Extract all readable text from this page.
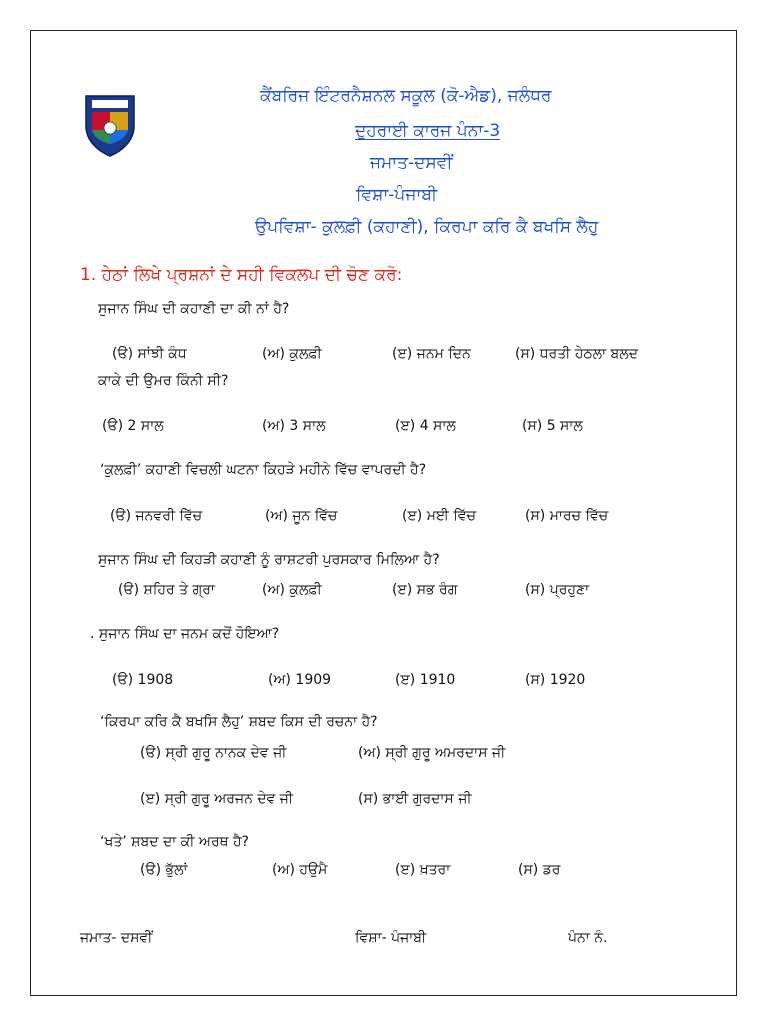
ਕੈਂਬਰਿਜ ਇੰਟਰਨੈਸ਼ਨਲ ਸਕੂਲ (ਕੋ-ਐਡ), ਜਲੰਧਰ
ਦੁਹਰਾਈ ਕਾਰਜ ਪੰਨਾ-3
ਜਮਾਤ-ਦਸਵੀਂ
ਵਿਸ਼ਾ-ਪੰਜਾਬੀ
ਉਪਵਿਸ਼ਾ- ਕੁਲਫ਼ੀ (ਕਹਾਣੀ), ਕਿਰਪਾ ਕਰਿ ਕੈ ਬਖਸਿ ਲੈਹੁ
1. ਹੇਠਾਂ ਲਿਖੇ ਪ੍ਰਸ਼ਨਾਂ ਦੇ ਸਹੀ ਵਿਕਲਪ ਦੀ ਚੋਣ ਕਰੋ:
ਸੁਜਾਨ ਸਿੰਘ ਦੀ ਕਹਾਣੀ ਦਾ ਕੀ ਨਾਂ ਹੈ?
(ੳ) ਸਾਂਝੀ ਕੰਧ	(ਅ) ਕੁਲਫ਼ੀ	(ੲ) ਜਨਮ ਦਿਨ	(ਸ) ਧਰਤੀ ਹੇਠਲਾ ਬਲਦ
ਕਾਕੇ ਦੀ ਉਮਰ ਕਿੰਨੀ ਸੀ?
(ੳ) 2 ਸਾਲ	(ਅ) 3 ਸਾਲ	(ੲ) 4 ਸਾਲ	(ਸ) 5 ਸਾਲ
‘ਕੁਲਫ਼ੀ’ ਕਹਾਣੀ ਵਿਚਲੀ ਘਟਨਾ ਕਿਹੜੇ ਮਹੀਨੇ ਵਿੱਚ ਵਾਪਰਦੀ ਹੈ?
(ੳ) ਜਨਵਰੀ ਵਿੱਚ	(ਅ) ਜੂਨ ਵਿੱਚ	(ੲ) ਮਈ ਵਿੱਚ	(ਸ) ਮਾਰਚ ਵਿੱਚ
ਸੁਜਾਨ ਸਿੰਘ ਦੀ ਕਿਹੜੀ ਕਹਾਣੀ ਨੂੰ ਰਾਸ਼ਟਰੀ ਪੁਰਸਕਾਰ ਮਿਲਿਆ ਹੈ?
(ੳ) ਸ਼ਹਿਰ ਤੇ ਗ੍ਰਾ	(ਅ) ਕੁਲਫ਼ੀ	(ੲ) ਸਭ ਰੰਗ	(ਸ) ਪ੍ਰਹੁਣਾ
. ਸੁਜਾਨ ਸਿੰਘ ਦਾ ਜਨਮ ਕਦੋਂ ਹੋਇਆ?
(ੳ) 1908	(ਅ) 1909	(ੲ) 1910	(ਸ) 1920
‘ਕਿਰਪਾ ਕਰਿ ਕੈ ਬਖਸਿ ਲੈਹੁ’ ਸ਼ਬਦ ਕਿਸ ਦੀ ਰਚਨਾ ਹੈ?
(ੳ) ਸ੍ਰੀ ਗੁਰੂ ਨਾਨਕ ਦੇਵ ਜੀ	(ਅ) ਸ੍ਰੀ ਗੁਰੂ ਅਮਰਦਾਸ ਜੀ
(ੲ) ਸ੍ਰੀ ਗੁਰੂ ਅਰਜਨ ਦੇਵ ਜੀ	(ਸ) ਭਾਈ ਗੁਰਦਾਸ ਜੀ
‘ਖਤੇ’ ਸ਼ਬਦ ਦਾ ਕੀ ਅਰਥ ਹੈ?
(ੳ) ਭੁੱਲਾਂ	(ਅ) ਹਉਮੈ	(ੲ) ਖ਼ਤਰਾ	(ਸ) ਡਰ
ਜਮਾਤ- ਦਸਵੀਂ	ਵਿਸ਼ਾ- ਪੰਜਾਬੀ	ਪੰਨਾ ਨੰ.
